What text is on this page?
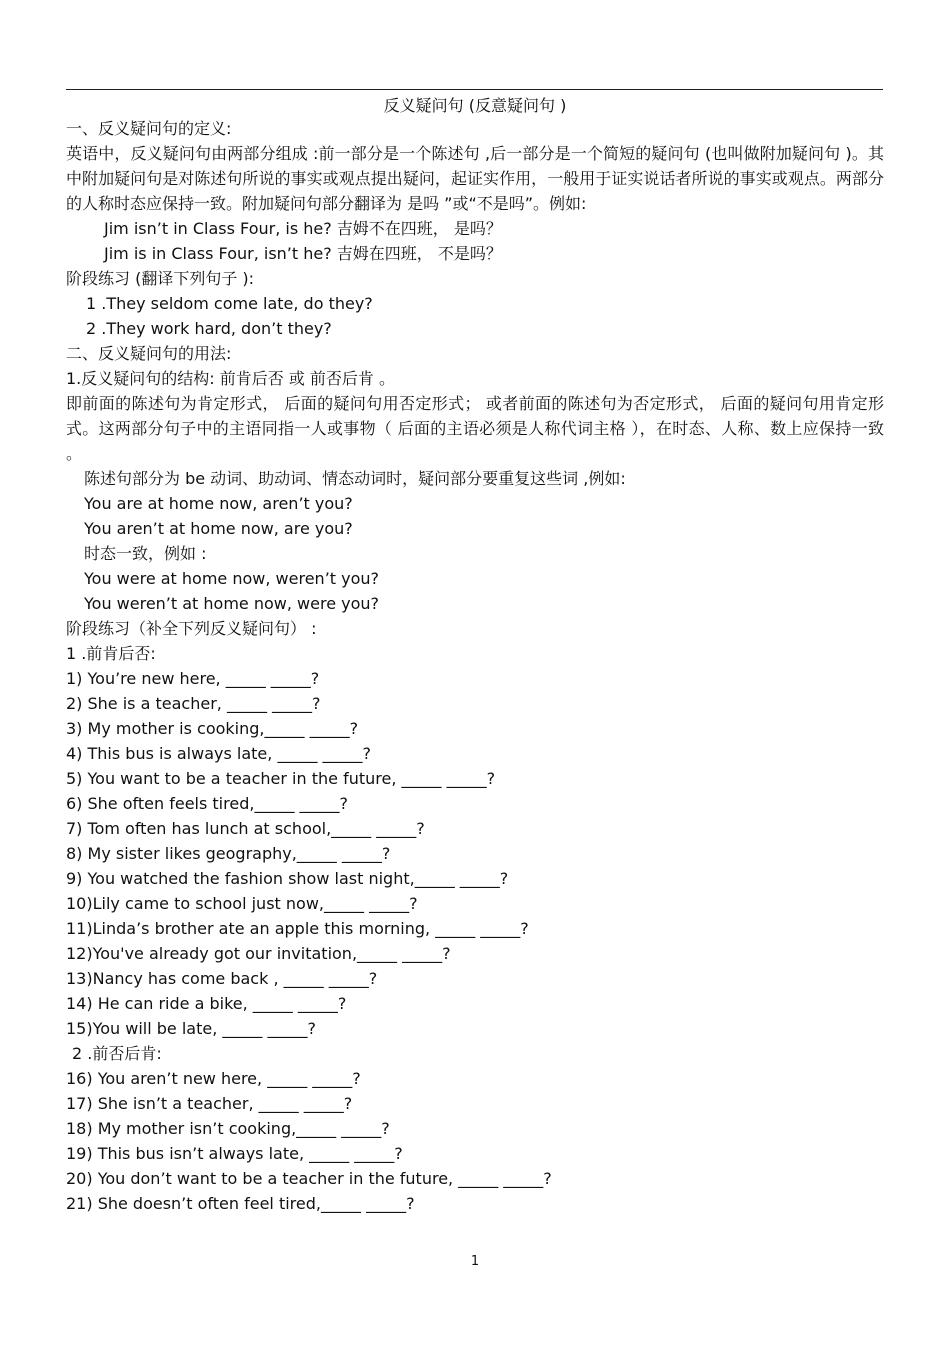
反义疑问句 (反意疑问句 )
一、反义疑问句的定义:
英语中，反义疑问句由两部分组成 :前一部分是一个陈述句 ,后一部分是一个简短的疑问句 (也叫做附加疑问句 )。其中附加疑问句是对陈述句所说的事实或观点提出疑问，起证实作用，一般用于证实说话者所说的事实或观点。两部分的人称时态应保持一致。附加疑问句部分翻译为 是吗 ”或“不是吗”。例如:
Jim isn’t in Class Four, is he? 吉姆不在四班， 是吗？
Jim is in Class Four, isn’t he? 吉姆在四班， 不是吗？
阶段练习 (翻译下列句子 ):
1 .They seldom come late, do they?
2 .They work hard, don’t they?
二、反义疑问句的用法:
1.反义疑问句的结构: 前肯后否 或 前否后肯 。
即前面的陈述句为肯定形式， 后面的疑问句用否定形式； 或者前面的陈述句为否定形式， 后面的疑问句用肯定形式。这两部分句子中的主语同指一人或事物（ 后面的主语必须是人称代词主格 ），在时态、人称、数上应保持一致 。
陈述句部分为 be 动词、助动词、情态动词时，疑问部分要重复这些词 ,例如:
You are at home now, aren’t you?
You aren’t at home now, are you?
时态一致，例如 :
You were at home now, weren’t you?
You weren’t at home now, were you?
阶段练习（补全下列反义疑问句） :
1 .前肯后否:
1) You’re new here, _____ _____?
2) She is a teacher, _____ _____?
3) My mother is cooking,_____ _____?
4) This bus is always late, _____ _____?
5) You want to be a teacher in the future, _____ _____?
6) She often feels tired,_____ _____?
7) Tom often has lunch at school,_____ _____?
8) My sister likes geography,_____ _____?
9) You watched the fashion show last night,_____ _____?
10)Lily came to school just now,_____ _____?
11)Linda’s brother ate an apple this morning, _____ _____?
12)You've already got our invitation,_____ _____?
13)Nancy has come back , _____ _____?
14) He can ride a bike, _____ _____?
15)You will be late, _____ _____?
2 .前否后肯:
16) You aren’t new here, _____ _____?
17) She isn’t a teacher, _____ _____?
18) My mother isn’t cooking,_____ _____?
19) This bus isn’t always late, _____ _____?
20) You don’t want to be a teacher in the future, _____ _____?
21) She doesn’t often feel tired,_____ _____?
1
